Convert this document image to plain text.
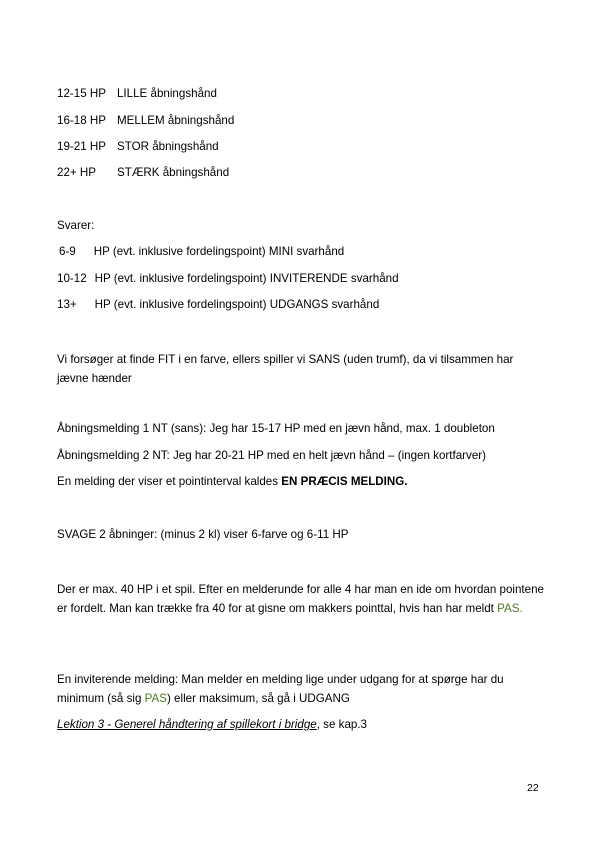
12-15 HP LILLE åbningshånd
16-18 HP MELLEM åbningshånd
19-21 HP STOR åbningshånd
22+ HP STÆRK åbningshånd
Svarer:
6-9 HP (evt. inklusive fordelingspoint) MINI svarhånd
10-12 HP (evt. inklusive fordelingspoint) INVITERENDE svarhånd
13+ HP (evt. inklusive fordelingspoint) UDGANGS svarhånd
Vi forsøger at finde FIT i en farve, ellers spiller vi SANS (uden trumf), da vi tilsammen har jævne hænder
Åbningsmelding 1 NT (sans): Jeg har 15-17 HP med en jævn hånd, max. 1 doubleton
Åbningsmelding 2 NT: Jeg har 20-21 HP med en helt jævn hånd – (ingen kortfarver)
En melding der viser et pointinterval kaldes EN PRÆCIS MELDING.
SVAGE 2 åbninger: (minus 2 kl) viser 6-farve og 6-11 HP
Der er max. 40 HP i et spil. Efter en melderunde for alle 4 har man en ide om hvordan pointene er fordelt. Man kan trække fra 40 for at gisne om makkers pointtal, hvis han har meldt PAS.
En inviterende melding: Man melder en melding lige under udgang for at spørge har du minimum (så sig PAS) eller maksimum, så gå i UDGANG
Lektion 3 - Generel håndtering af spillekort i bridge, se kap.3
22
